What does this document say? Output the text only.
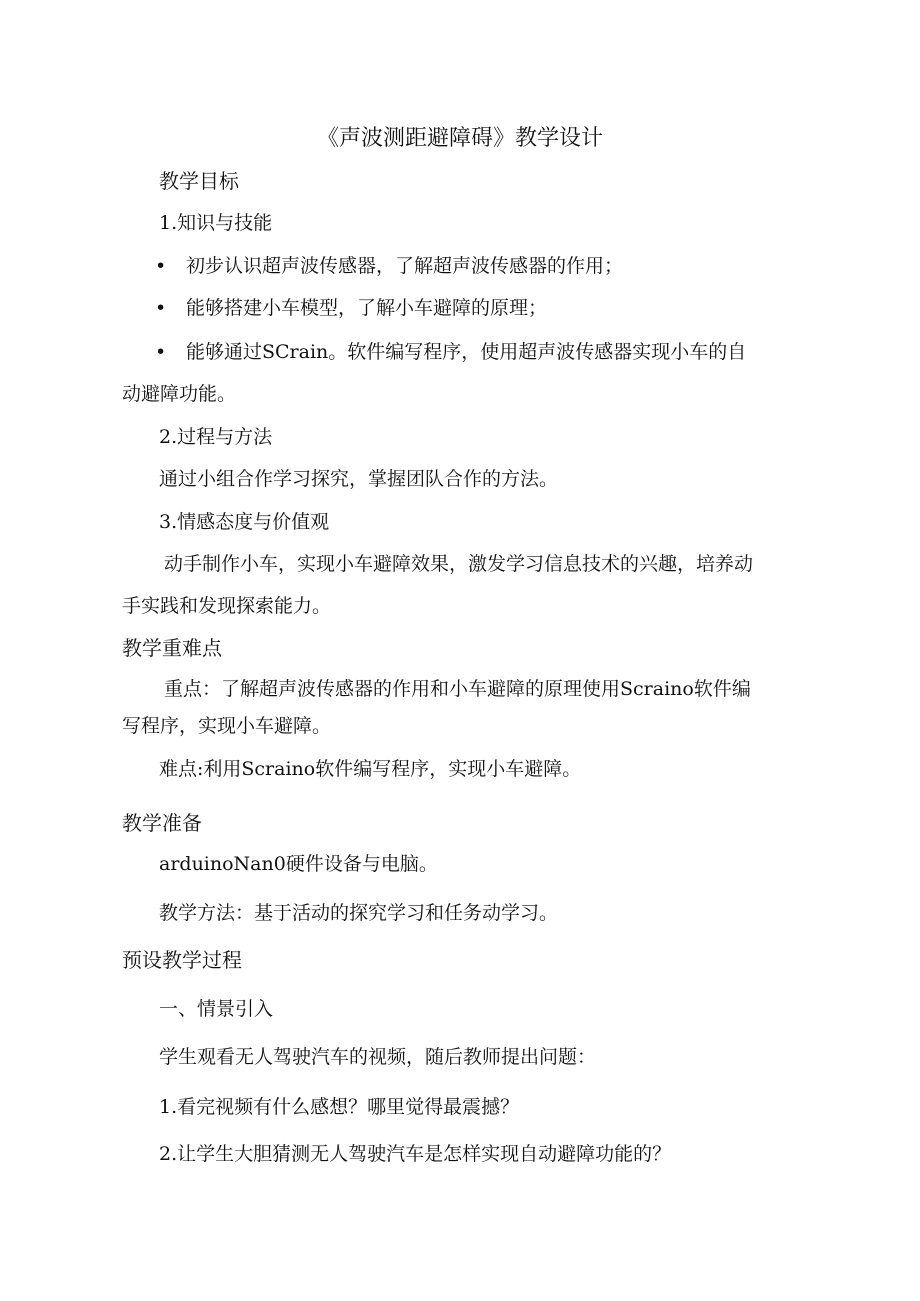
《声波测距避障碍》教学设计

教学目标

1.知识与技能

• 初步认识超声波传感器，了解超声波传感器的作用；

• 能够搭建小车模型，了解小车避障的原理；

• 能够通过SCrain。软件编写程序，使用超声波传感器实现小车的自

动避障功能。

2.过程与方法

通过小组合作学习探究，掌握团队合作的方法。

3.情感态度与价值观

动手制作小车，实现小车避障效果，激发学习信息技术的兴趣，培养动

手实践和发现探索能力。

教学重难点

重点：了解超声波传感器的作用和小车避障的原理使用Scraino软件编

写程序，实现小车避障。

难点:利用Scraino软件编写程序，实现小车避障。

教学准备

arduinoNan0硬件设备与电脑。

教学方法：基于活动的探究学习和任务动学习。

预设教学过程

一、情景引入

学生观看无人驾驶汽车的视频，随后教师提出问题：

1.看完视频有什么感想？哪里觉得最震撼？

2.让学生大胆猜测无人驾驶汽车是怎样实现自动避障功能的？
